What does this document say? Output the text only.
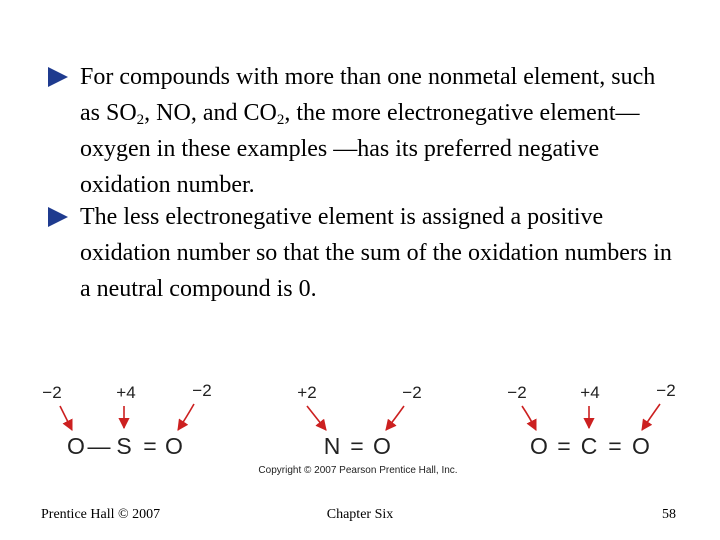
For compounds with more than one nonmetal element, such as $SO_2$, NO, and $CO_2$, the more electronegative element—oxygen in these examples —has its preferred negative oxidation number.
The less electronegative element is assigned a positive oxidation number so that the sum of the oxidation numbers in a neutral compound is 0.
−2	+4	−2
O — S = O
+2	−2
N = O
−2	+4	−2
O = C = O
Copyright © 2007 Pearson Prentice Hall, Inc.
Prentice Hall © 2007	Chapter Six	58
